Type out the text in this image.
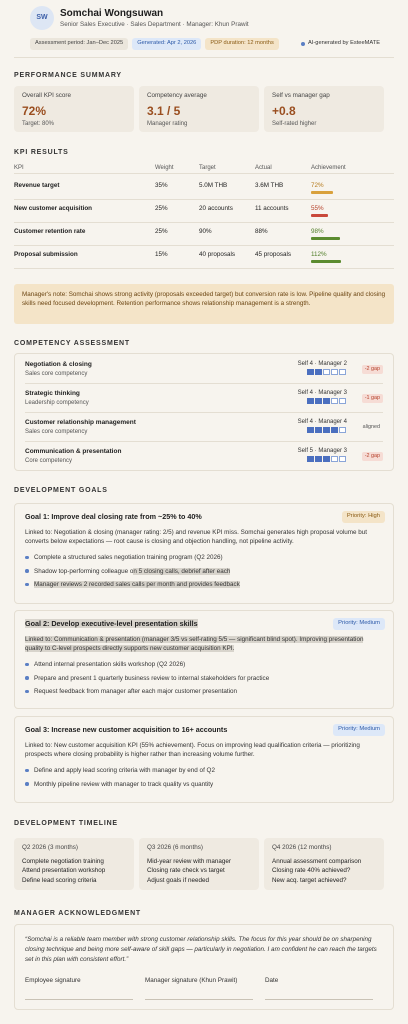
SW	Somchai Wongsuwan
Senior Sales Executive · Sales Department · Manager: Khun Prawit
Assessment period: Jan–Dec 2025	Generated: Apr 2, 2026	PDP duration: 12 months	AI-generated by EsteeMATE
PERFORMANCE SUMMARY
Overall KPI score
72%
Target: 80%
Competency average
3.1 / 5
Manager rating
Self vs manager gap
+0.8
Self-rated higher
KPI RESULTS
KPI	Weight	Target	Actual	Achievement
Revenue target	35%	5.0M THB	3.6M THB	72%
New customer acquisition	25%	20 accounts	11 accounts	55%
Customer retention rate	25%	90%	88%	98%
Proposal submission	15%	40 proposals	45 proposals	112%
Manager's note: Somchai shows strong activity (proposals exceeded target) but conversion rate is low. Pipeline quality and closing skills need focused development. Retention performance shows relationship management is a strength.
COMPETENCY ASSESSMENT
Negotiation & closing
Sales core competency
Self 4 · Manager 2
-2 gap
Strategic thinking
Leadership competency
Self 4 · Manager 3
-1 gap
Customer relationship management
Sales core competency
Self 4 · Manager 4
aligned
Communication & presentation
Core competency
Self 5 · Manager 3
-2 gap
DEVELOPMENT GOALS
Goal 1: Improve deal closing rate from ~25% to 40%	Priority: High
Linked to: Negotiation & closing (manager rating: 2/5) and revenue KPI miss. Somchai generates high proposal volume but converts below expectations — root cause is closing and objection handling, not pipeline activity.
Complete a structured sales negotiation training program (Q2 2026)
Shadow top-performing colleague on 5 closing calls, debrief after each
Manager reviews 2 recorded sales calls per month and provides feedback
Goal 2: Develop executive-level presentation skills	Priority: Medium
Linked to: Communication & presentation (manager 3/5 vs self-rating 5/5 — significant blind spot). Improving presentation quality to C-level prospects directly supports new customer acquisition KPI.
Attend internal presentation skills workshop (Q2 2026)
Prepare and present 1 quarterly business review to internal stakeholders for practice
Request feedback from manager after each major customer presentation
Goal 3: Increase new customer acquisition to 16+ accounts	Priority: Medium
Linked to: New customer acquisition KPI (55% achievement). Focus on improving lead qualification criteria — prioritizing prospects where closing probability is higher rather than increasing volume further.
Define and apply lead scoring criteria with manager by end of Q2
Monthly pipeline review with manager to track quality vs quantity
DEVELOPMENT TIMELINE
Q2 2026 (3 months)
Complete negotiation training
Attend presentation workshop
Define lead scoring criteria
Q3 2026 (6 months)
Mid-year review with manager
Closing rate check vs target
Adjust goals if needed
Q4 2026 (12 months)
Annual assessment comparison
Closing rate 40% achieved?
New acq. target achieved?
MANAGER ACKNOWLEDGMENT
“Somchai is a reliable team member with strong customer relationship skills. The focus for this year should be on sharpening closing technique and being more self-aware of skill gaps — particularly in negotiation. I am confident he can reach the targets set in this plan with consistent effort.”
Employee signature	Manager signature (Khun Prawit)	Date
